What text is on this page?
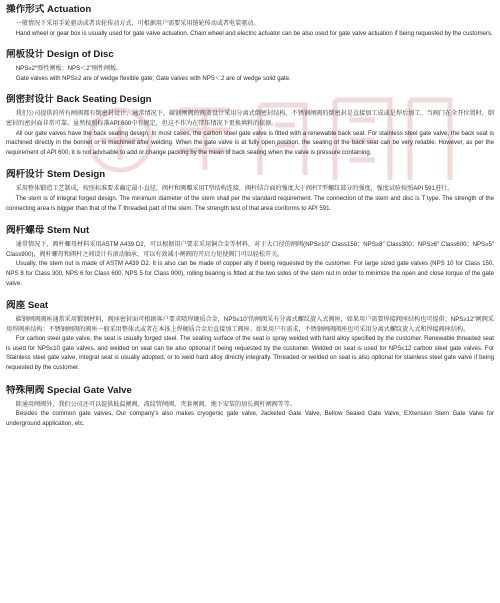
操作形式 Actuation

一般情况下采用手轮驱动或者齿轮传动方式，可根据用户需要采用链轮传动或者电装驱动。

Hand wheel or gear box is usually used for gate valve actuation. Chain wheel and electric actuator can be also used for gate valve actuation if being requested by the customers.

闸板设计 Design of Disc

NPS≥2"弹性闸板；NPS＜2"刚性闸板。

Gate valves with NPS≥2 are of wedge flexible gate; Gate valves with NPS＜2 are of wedge solid gate.

倒密封设计 Back Seating Design

我们公司提供的所有闸阀都有倒密封设计，通常情况下，碳钢闸阀的阀盖设计采用分离式倒密封结构，不锈钢闸阀的倒密封是直接加工成或是焊后加工。当阀门在全开位置时，倒密封的密封面非常可靠。虽然按照标准API 600中有规定，但这不作为在带压情况下更换填料的依据。

All our gate valves have the back seating design. In most cases, the carbon steel gate valve is fitted with a renewable back seat. For stainless steel gate valve, the back seat is machined directly in the bonnet or is machined after welding. When the gate valve is at fully open position, the sealing of the back seat can be very reliable. However, as per the requirement of API 600, it is not advisable to add or change packing by the mean of back seating when the valve is pressure containing.

阀杆设计 Stem Design

采用整体锻造工艺制成，按照标准要求确定最小直径，阀杆和阀瓣采用T型结构连接，阀杆结合面的强度大于阀杆T型螺纹部分的强度，强度试验按照API 591进行。

The stem is of integral forged design. The minimum diameter of the stem shall per the standard requirement. The connection of the stem and disc is T type. The strength of the connecting area is bigger than that of the T threaded part of the stem. The strength test of that area conforms to API 591.

阀杆螺母 Stem Nut

通常情况下，阀杆螺母材料采用ASTM A439 D2，可以根据用户要求采用铜合金等材料，对于大口径的闸阀(NPS≥10" Class150；NPS≥8" Class300；NPS≥6" Class600；NPS≥5" Class900)，阀杆螺母和阀杆之间设计有滚动轴承，可以有效减小闸阀的开启力矩使阀门可以轻松开关。

Usually, the stem nut is made of ASTM A439 D2. It is also can be made of copper ally if being requested by the customer. For large sized gate valves (NPS 10 for Class 150, NPS 8 for Class 300, NPS 6 for Class 600, NPS 5 for Class 900), rolling bearing is fitted at the two sides of the stem nut in order to minimize the open and close torque of the gate valve.

阀座 Seat

碳钢闸阀阀座通常采用锻钢材料，阀座密封面可根据客户要求喷焊硬质合金，NPS≤10"的闸阀采有分离式螺纹旋入式阀座，如果用户需要焊接阀座结构也可提供；NPS≥12"闸阀采用焊阀座结构；不锈钢闸阀的阀座一般采用整体式或者在本体上焊硬质合金后直接加工阀座。如果用户有需求，不锈钢闸阀阀座也可采用分离式螺纹旋入式和焊接阀座结构。

For carbon steel gate valve, the seat is usually forged steel. The sealing surface of the seat is spray welded with hard alloy specified by the customer. Renewable threaded seat is used for NPS≤10 gate valves, and welded on seat can be also optional if being requested by the customer. Welded on seat is used for NPS≤12 carbon steel gate valves. For Stainless steel gate valve, integral seat is usually adopted, or to weld hard alloy directly integrally. Threaded or welded on seat is also optional for stainless steel gate valve if being requested by the customer.

特殊闸阀 Special Gate Valve

除通用闸阀外，我们公司还可以提供低温闸阀、波纹管闸阀、夹套闸阀、地下安装的加长阀杆闸阀等等。

Besides the common gate valves, Our company's also makes cryogenic gate valve, Jacketed Gate Valve, Bellow Sealed Gate Valve, EXtension Stem Gate Valve for underground application, etc.
